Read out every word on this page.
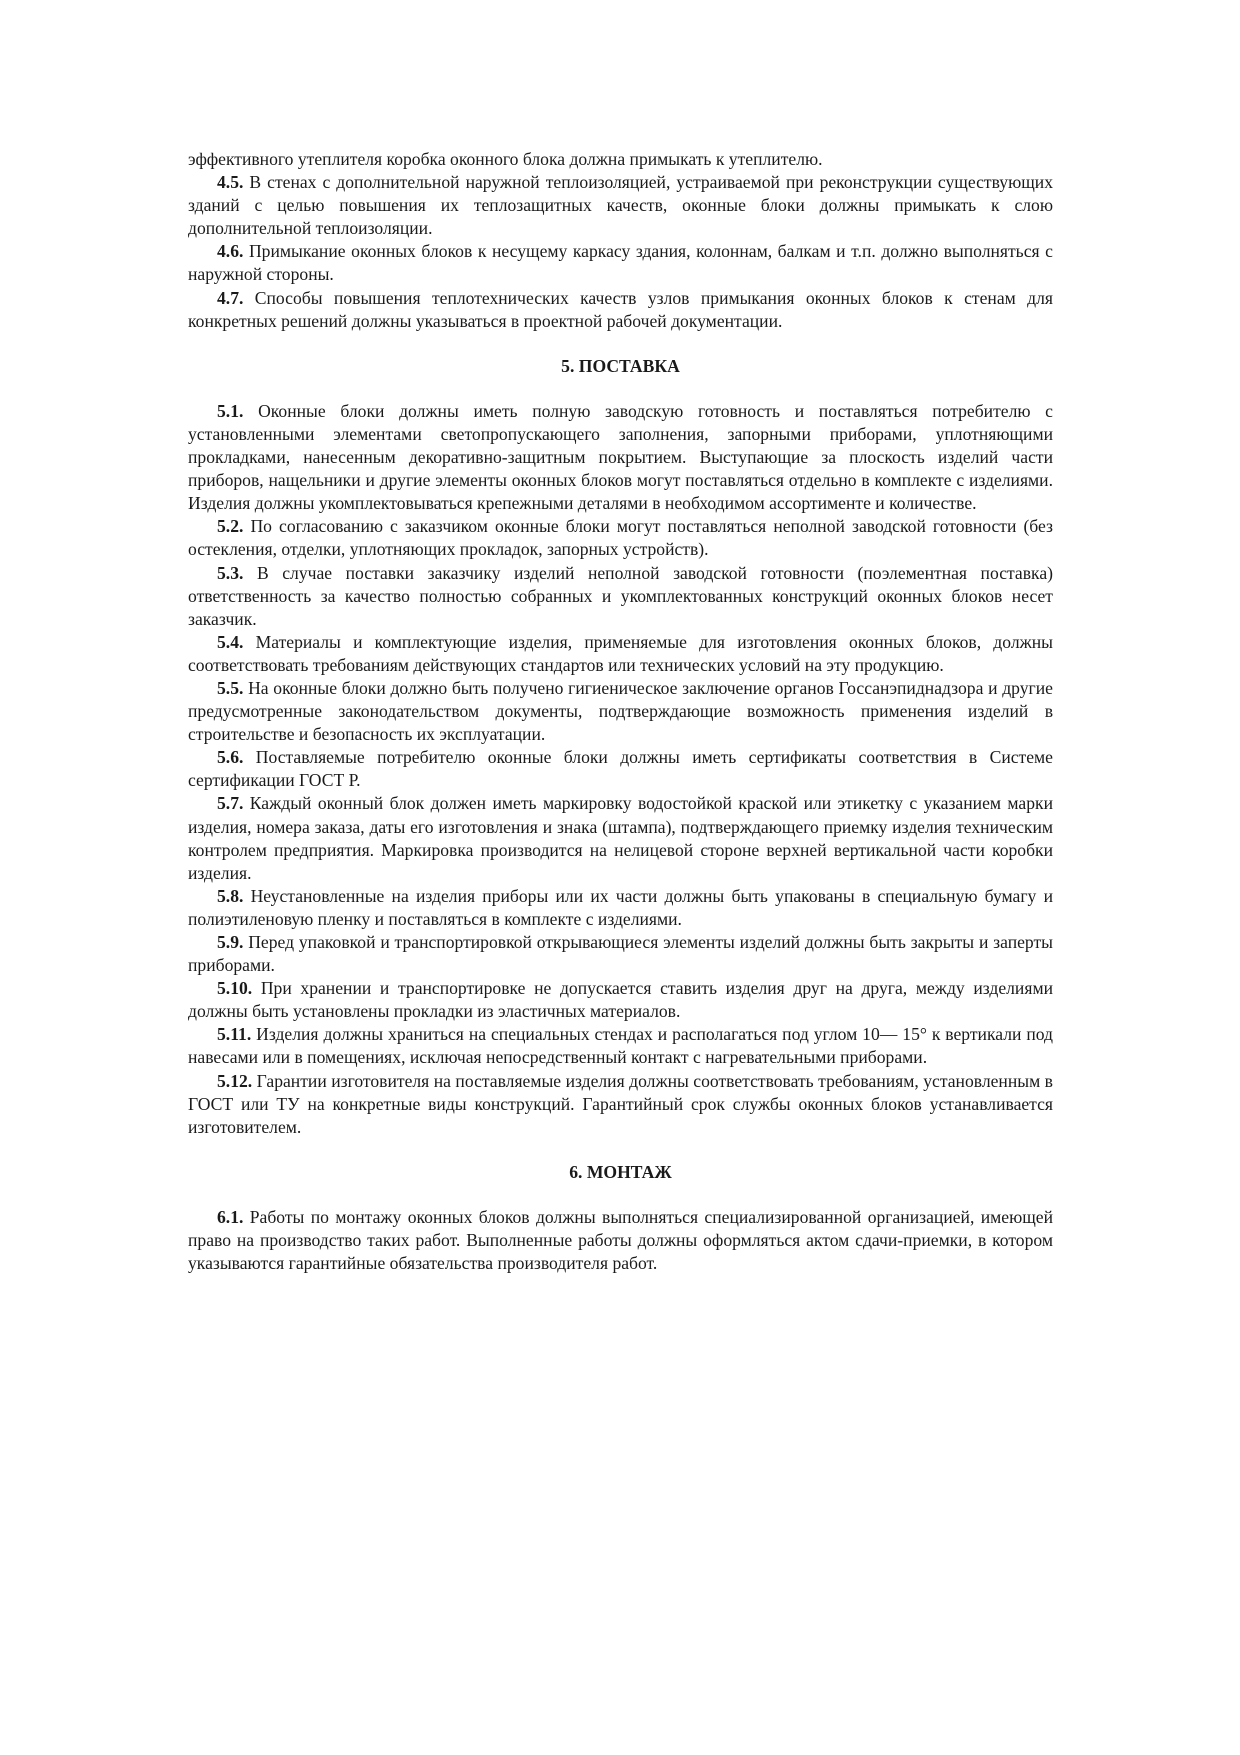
эффективного утеплителя коробка оконного блока должна примыкать к утеплителю.

4.5. В стенах с дополнительной наружной теплоизоляцией, устраиваемой при реконструкции существующих зданий с целью повышения их теплозащитных качеств, оконные блоки должны примыкать к слою дополнительной теплоизоляции.

4.6. Примыкание оконных блоков к несущему каркасу здания, колоннам, балкам и т.п. должно выполняться с наружной стороны.

4.7. Способы повышения теплотехнических качеств узлов примыкания оконных блоков к стенам для конкретных решений должны указываться в проектной рабочей документации.

5. ПОСТАВКА

5.1. Оконные блоки должны иметь полную заводскую готовность и поставляться потребителю с установленными элементами светопропускающего заполнения, запорными приборами, уплотняющими прокладками, нанесенным декоративно-защитным покрытием. Выступающие за плоскость изделий части приборов, нащельники и другие элементы оконных блоков могут поставляться отдельно в комплекте с изделиями. Изделия должны укомплектовываться крепежными деталями в необходимом ассортименте и количестве.

5.2. По согласованию с заказчиком оконные блоки могут поставляться неполной заводской готовности (без остекления, отделки, уплотняющих прокладок, запорных устройств).

5.3. В случае поставки заказчику изделий неполной заводской готовности (поэлементная поставка) ответственность за качество полностью собранных и укомплектованных конструкций оконных блоков несет заказчик.

5.4. Материалы и комплектующие изделия, применяемые для изготовления оконных блоков, должны соответствовать требованиям действующих стандартов или технических условий на эту продукцию.

5.5. На оконные блоки должно быть получено гигиеническое заключение органов Госсанэпиднадзора и другие предусмотренные законодательством документы, подтверждающие возможность применения изделий в строительстве и безопасность их эксплуатации.

5.6. Поставляемые потребителю оконные блоки должны иметь сертификаты соответствия в Системе сертификации ГОСТ Р.

5.7. Каждый оконный блок должен иметь маркировку водостойкой краской или этикетку с указанием марки изделия, номера заказа, даты его изготовления и знака (штампа), подтверждающего приемку изделия техническим контролем предприятия. Маркировка производится на нелицевой стороне верхней вертикальной части коробки изделия.

5.8. Неустановленные на изделия приборы или их части должны быть упакованы в специальную бумагу и полиэтиленовую пленку и поставляться в комплекте с изделиями.

5.9. Перед упаковкой и транспортировкой открывающиеся элементы изделий должны быть закрыты и заперты приборами.

5.10. При хранении и транспортировке не допускается ставить изделия друг на друга, между изделиями должны быть установлены прокладки из эластичных материалов.

5.11. Изделия должны храниться на специальных стендах и располагаться под углом 10— 15° к вертикали под навесами или в помещениях, исключая непосредственный контакт с нагревательными приборами.

5.12. Гарантии изготовителя на поставляемые изделия должны соответствовать требованиям, установленным в ГОСТ или ТУ на конкретные виды конструкций. Гарантийный срок службы оконных блоков устанавливается изготовителем.

6. МОНТАЖ

6.1. Работы по монтажу оконных блоков должны выполняться специализированной организацией, имеющей право на производство таких работ. Выполненные работы должны оформляться актом сдачи-приемки, в котором указываются гарантийные обязательства производителя работ.
